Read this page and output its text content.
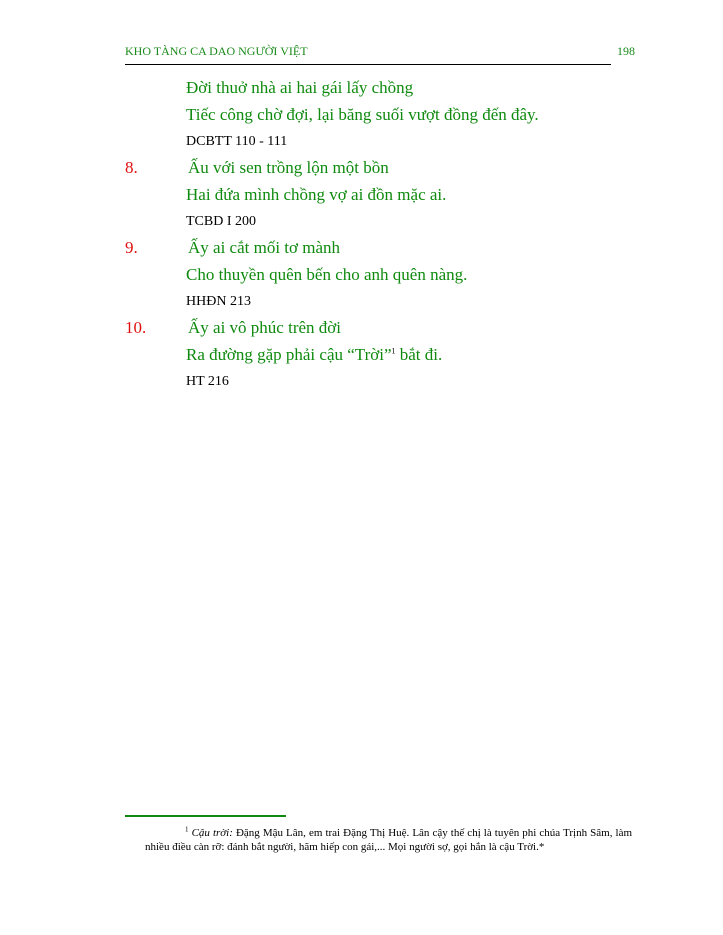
KHO TÀNG CA DAO NGƯỜI VIỆT	198
Đời thuở nhà ai hai gái lấy chồng
Tiếc công chờ đợi, lại băng suối vượt đồng đến đây.
DCBTT 110 - 111
8.	Ấu với sen trồng lộn một bồn
Hai đứa mình chồng vợ ai đồn mặc ai.
TCBD I 200
9.	Ấy ai cắt mối tơ mành
Cho thuyền quên bến cho anh quên nàng.
HHĐN 213
10. Ấy ai vô phúc trên đời
Ra đường gặp phải cậu “Trời”$^1$ bắt đi.
HT 216
$^1$ Cậu trời: Đặng Mậu Lân, em trai Đặng Thị Huệ. Lân cậy thế chị là tuyên phi chúa Trịnh Sâm, làm nhiều điều càn rỡ: đánh bắt người, hãm hiếp con gái,... Mọi người sợ, gọi hắn là cậu Trời.*
